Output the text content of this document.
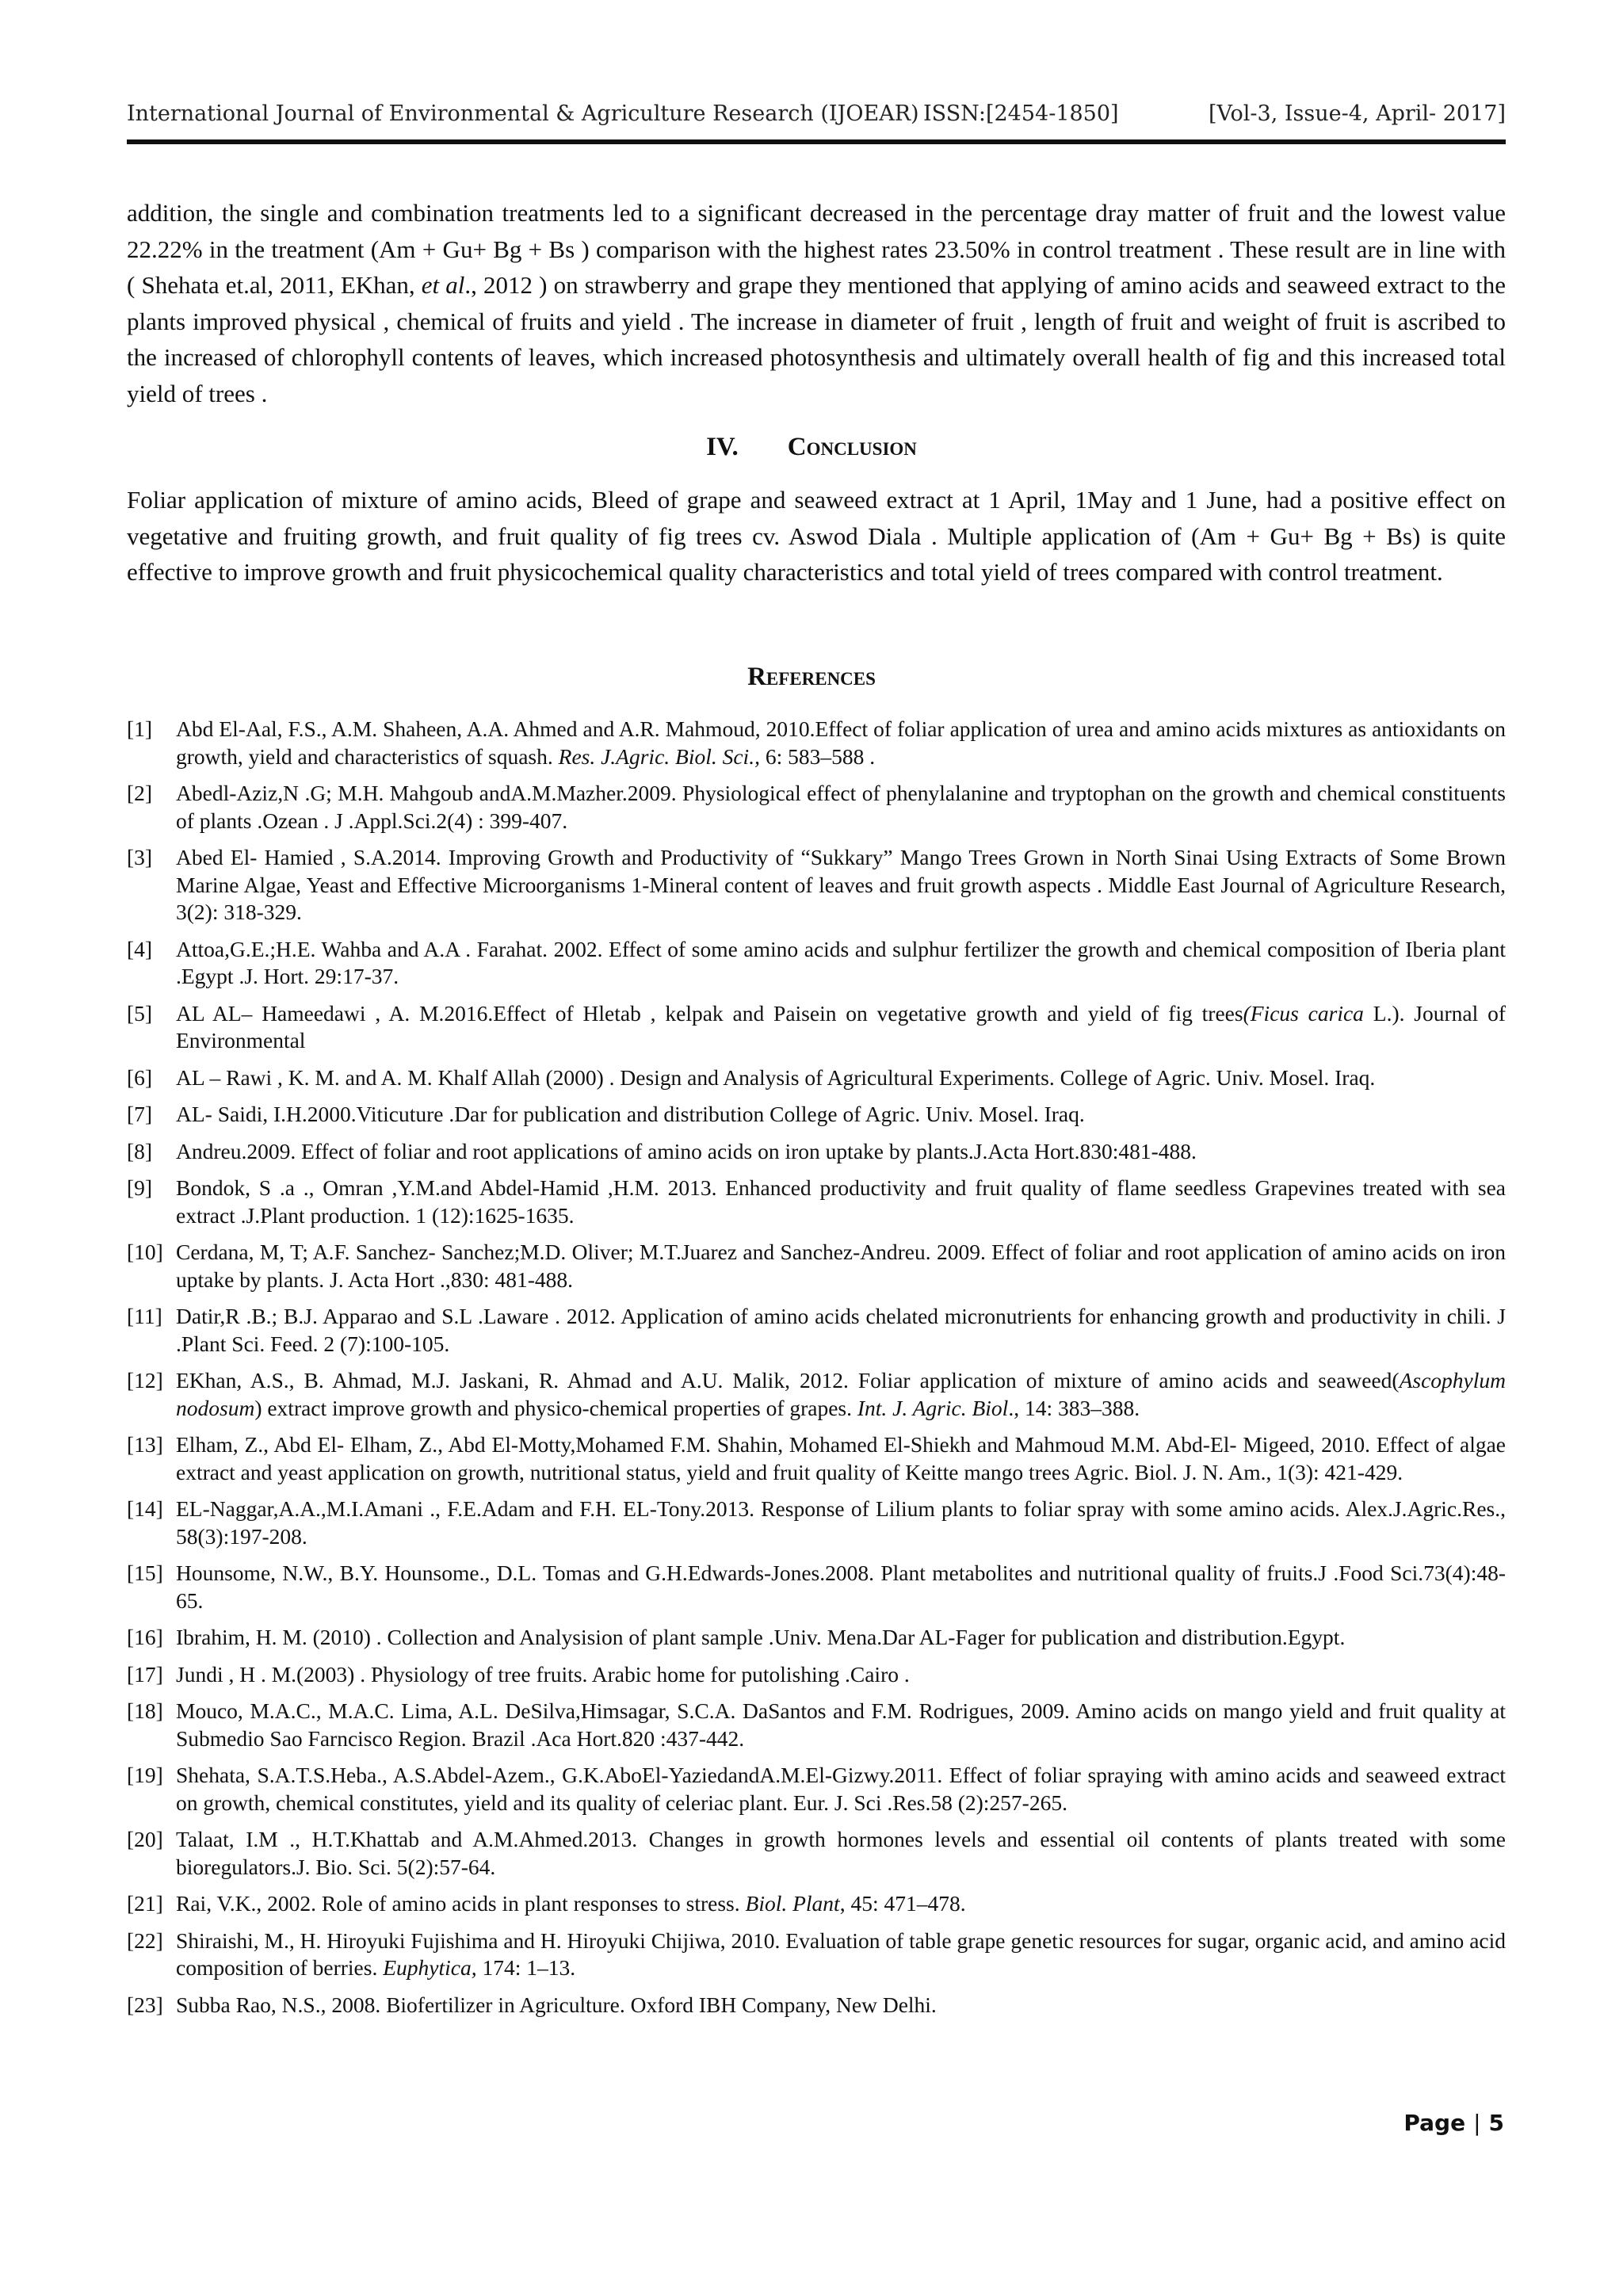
International Journal of Environmental & Agriculture Research (IJOEAR) ISSN:[2454-1850]	[Vol-3, Issue-4, April- 2017]
addition, the single and combination treatments led to a significant decreased in the percentage dray matter of fruit and the lowest value 22.22% in the treatment (Am + Gu+ Bg + Bs ) comparison with the highest rates 23.50% in control treatment . These result are in line with ( Shehata et.al, 2011, EKhan, et al., 2012 ) on strawberry and grape they mentioned that applying of amino acids and seaweed extract to the plants improved physical , chemical of fruits and yield . The increase in diameter of fruit , length of fruit and weight of fruit is ascribed to the increased of chlorophyll contents of leaves, which increased photosynthesis and ultimately overall health of fig and this increased total yield of trees .
IV. Conclusion
Foliar application of mixture of amino acids, Bleed of grape and seaweed extract at 1 April, 1May and 1 June, had a positive effect on vegetative and fruiting growth, and fruit quality of fig trees cv. Aswod Diala . Multiple application of (Am + Gu+ Bg + Bs) is quite effective to improve growth and fruit physicochemical quality characteristics and total yield of trees compared with control treatment.
References
[1] Abd El-Aal, F.S., A.M. Shaheen, A.A. Ahmed and A.R. Mahmoud, 2010.Effect of foliar application of urea and amino acids mixtures as antioxidants on growth, yield and characteristics of squash. Res. J.Agric. Biol. Sci., 6: 583–588 .
[2] Abedl-Aziz,N .G; M.H. Mahgoub andA.M.Mazher.2009. Physiological effect of phenylalanine and tryptophan on the growth and chemical constituents of plants .Ozean . J .Appl.Sci.2(4) : 399-407.
[3] Abed El- Hamied , S.A.2014. Improving Growth and Productivity of “Sukkary” Mango Trees Grown in North Sinai Using Extracts of Some Brown Marine Algae, Yeast and Effective Microorganisms 1-Mineral content of leaves and fruit growth aspects . Middle East Journal of Agriculture Research, 3(2): 318-329.
[4] Attoa,G.E.;H.E. Wahba and A.A . Farahat. 2002. Effect of some amino acids and sulphur fertilizer the growth and chemical composition of Iberia plant .Egypt .J. Hort. 29:17-37.
[5] AL AL– Hameedawi , A. M.2016.Effect of Hletab , kelpak and Paisein on vegetative growth and yield of fig trees(Ficus carica L.). Journal of Environmental
[6] AL – Rawi , K. M. and A. M. Khalf Allah (2000) . Design and Analysis of Agricultural Experiments. College of Agric. Univ. Mosel. Iraq.
[7] AL- Saidi, I.H.2000.Viticuture .Dar for publication and distribution College of Agric. Univ. Mosel. Iraq.
[8] Andreu.2009. Effect of foliar and root applications of amino acids on iron uptake by plants.J.Acta Hort.830:481-488.
[9] Bondok, S .a ., Omran ,Y.M.and Abdel-Hamid ,H.M. 2013. Enhanced productivity and fruit quality of flame seedless Grapevines treated with sea extract .J.Plant production. 1 (12):1625-1635.
[10] Cerdana, M, T; A.F. Sanchez- Sanchez;M.D. Oliver; M.T.Juarez and Sanchez-Andreu. 2009. Effect of foliar and root application of amino acids on iron uptake by plants. J. Acta Hort .,830: 481-488.
[11] Datir,R .B.; B.J. Apparao and S.L .Laware . 2012. Application of amino acids chelated micronutrients for enhancing growth and productivity in chili. J .Plant Sci. Feed. 2 (7):100-105.
[12] EKhan, A.S., B. Ahmad, M.J. Jaskani, R. Ahmad and A.U. Malik, 2012. Foliar application of mixture of amino acids and seaweed(Ascophylum nodosum) extract improve growth and physico-chemical properties of grapes. Int. J. Agric. Biol., 14: 383–388.
[13] Elham, Z., Abd El- Elham, Z., Abd El-Motty,Mohamed F.M. Shahin, Mohamed El-Shiekh and Mahmoud M.M. Abd-El- Migeed, 2010. Effect of algae extract and yeast application on growth, nutritional status, yield and fruit quality of Keitte mango trees Agric. Biol. J. N. Am., 1(3): 421-429.
[14] EL-Naggar,A.A.,M.I.Amani ., F.E.Adam and F.H. EL-Tony.2013. Response of Lilium plants to foliar spray with some amino acids. Alex.J.Agric.Res., 58(3):197-208.
[15] Hounsome, N.W., B.Y. Hounsome., D.L. Tomas and G.H.Edwards-Jones.2008. Plant metabolites and nutritional quality of fruits.J .Food Sci.73(4):48-65.
[16] Ibrahim, H. M. (2010) . Collection and Analysision of plant sample .Univ. Mena.Dar AL-Fager for publication and distribution.Egypt.
[17] Jundi , H . M.(2003) . Physiology of tree fruits. Arabic home for putolishing .Cairo .
[18] Mouco, M.A.C., M.A.C. Lima, A.L. DeSilva,Himsagar, S.C.A. DaSantos and F.M. Rodrigues, 2009. Amino acids on mango yield and fruit quality at Submedio Sao Farncisco Region. Brazil .Aca Hort.820 :437-442.
[19] Shehata, S.A.T.S.Heba., A.S.Abdel-Azem., G.K.AboEl-YaziedandA.M.El-Gizwy.2011. Effect of foliar spraying with amino acids and seaweed extract on growth, chemical constitutes, yield and its quality of celeriac plant. Eur. J. Sci .Res.58 (2):257-265.
[20] Talaat, I.M ., H.T.Khattab and A.M.Ahmed.2013. Changes in growth hormones levels and essential oil contents of plants treated with some bioregulators.J. Bio. Sci. 5(2):57-64.
[21] Rai, V.K., 2002. Role of amino acids in plant responses to stress. Biol. Plant, 45: 471–478.
[22] Shiraishi, M., H. Hiroyuki Fujishima and H. Hiroyuki Chijiwa, 2010. Evaluation of table grape genetic resources for sugar, organic acid, and amino acid composition of berries. Euphytica, 174: 1–13.
[23] Subba Rao, N.S., 2008. Biofertilizer in Agriculture. Oxford IBH Company, New Delhi.
Page | 5
